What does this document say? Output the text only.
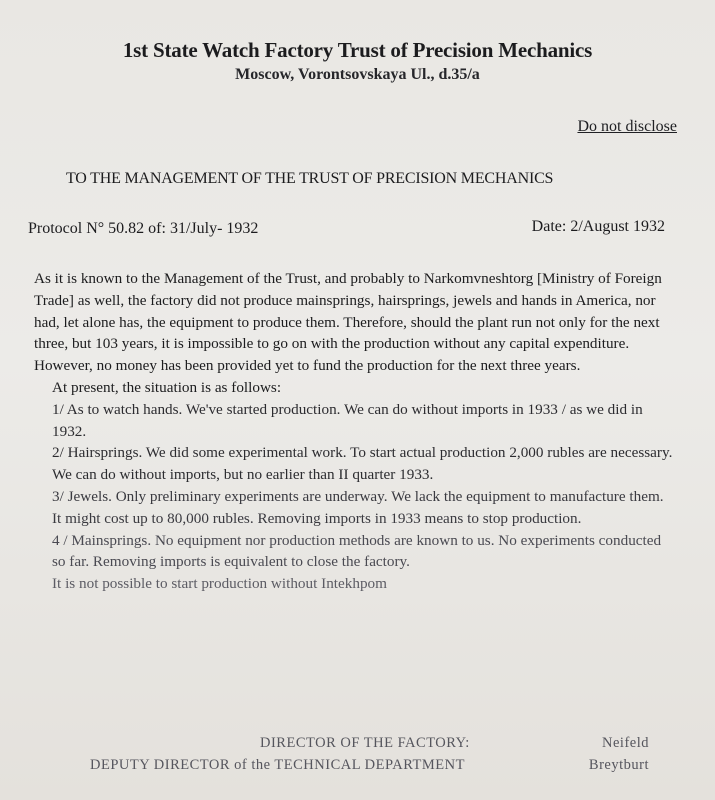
1st State Watch Factory Trust of Precision Mechanics
Moscow, Vorontsovskaya Ul., d.35/a
Do not disclose
TO THE MANAGEMENT OF THE TRUST OF PRECISION MECHANICS
Protocol N° 50.82 of: 31/July- 1932	Date: 2/August 1932

As it is known to the Management of the Trust, and probably to Narkomvneshtorg [Ministry of Foreign Trade] as well, the factory did not produce mainsprings, hairsprings, jewels and hands in America, nor had, let alone has, the equipment to produce them. Therefore, should the plant run not only for the next three, but 103 years, it is impossible to go on with the production without any capital expenditure. However, no money has been provided yet to fund the production for the next three years.

At present, the situation is as follows:

1/ As to watch hands. We've started production. We can do without imports in 1933 / as we did in 1932.

2/ Hairsprings. We did some experimental work. To start actual production 2,000 rubles are necessary. We can do without imports, but no earlier than II quarter 1933.

3/ Jewels. Only preliminary experiments are underway. We lack the equipment to manufacture them. It might cost up to 80,000 rubles. Removing imports in 1933 means to stop production.

4 / Mainsprings. No equipment nor production methods are known to us. No experiments conducted so far. Removing imports is equivalent to close the factory.

It is not possible to start production without Intekhpom

DIRECTOR OF THE FACTORY:	Neifeld
DEPUTY DIRECTOR of the TECHNICAL DEPARTMENT	Breytburt
